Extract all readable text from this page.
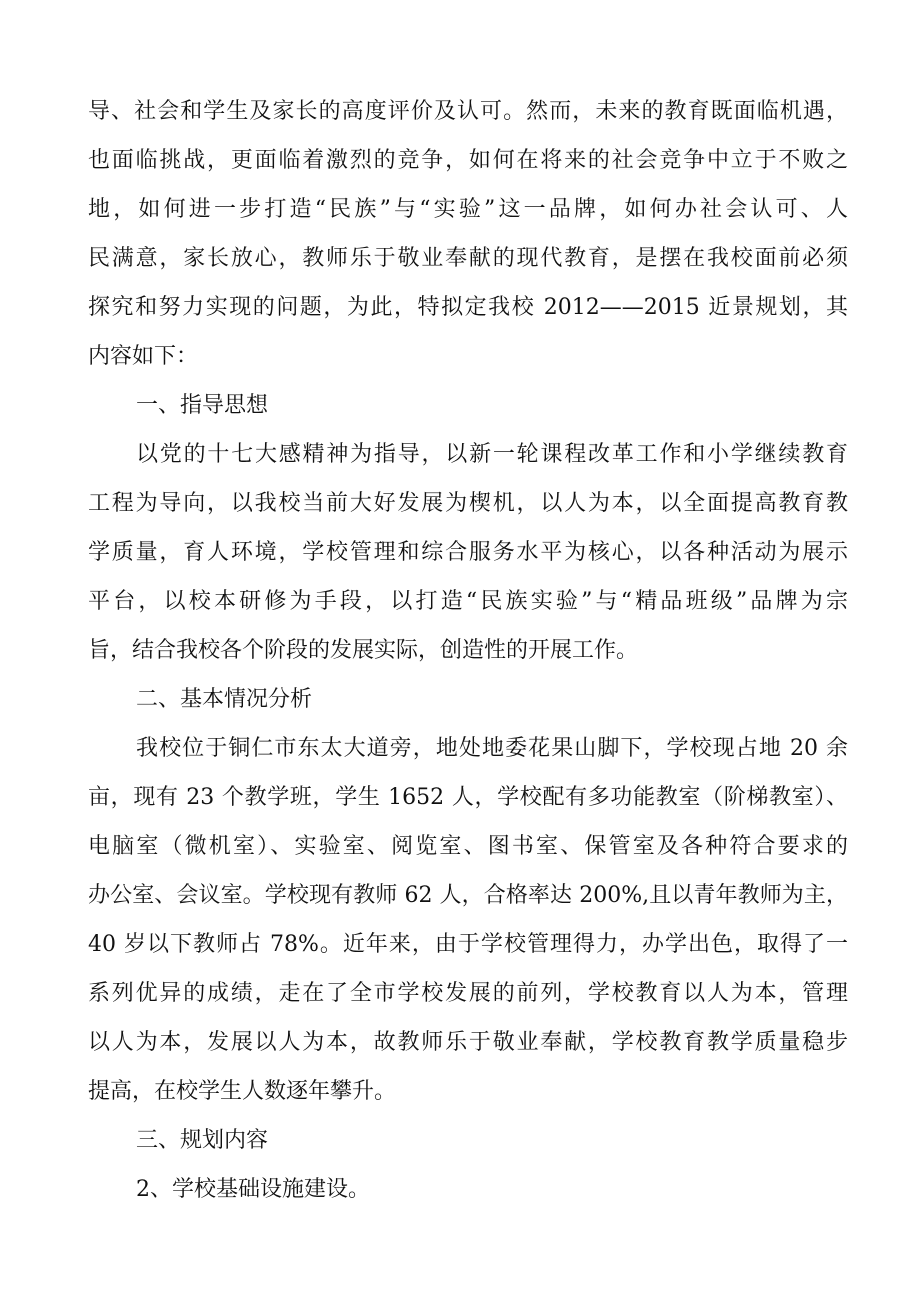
导、社会和学生及家长的高度评价及认可。然而，未来的教育既面临机遇，
也面临挑战，更面临着激烈的竞争，如何在将来的社会竞争中立于不败之
地，如何进一步打造“民族”与“实验”这一品牌，如何办社会认可、人
民满意，家长放心，教师乐于敬业奉献的现代教育，是摆在我校面前必须
探究和努力实现的问题，为此，特拟定我校 2012——2015 近景规划，其
内容如下：
一、指导思想
以党的十七大感精神为指导，以新一轮课程改革工作和小学继续教育
工程为导向，以我校当前大好发展为楔机，以人为本，以全面提高教育教
学质量，育人环境，学校管理和综合服务水平为核心，以各种活动为展示
平台，以校本研修为手段，以打造“民族实验”与“精品班级”品牌为宗
旨，结合我校各个阶段的发展实际，创造性的开展工作。
二、基本情况分析
我校位于铜仁市东太大道旁，地处地委花果山脚下，学校现占地 20 余
亩，现有 23 个教学班，学生 1652 人，学校配有多功能教室（阶梯教室）、
电脑室（微机室）、实验室、阅览室、图书室、保管室及各种符合要求的
办公室、会议室。学校现有教师 62 人，合格率达 200%,且以青年教师为主，
40 岁以下教师占 78%。近年来，由于学校管理得力，办学出色，取得了一
系列优异的成绩，走在了全市学校发展的前列，学校教育以人为本，管理
以人为本，发展以人为本，故教师乐于敬业奉献，学校教育教学质量稳步
提高，在校学生人数逐年攀升。
三、规划内容
2、学校基础设施建设。
